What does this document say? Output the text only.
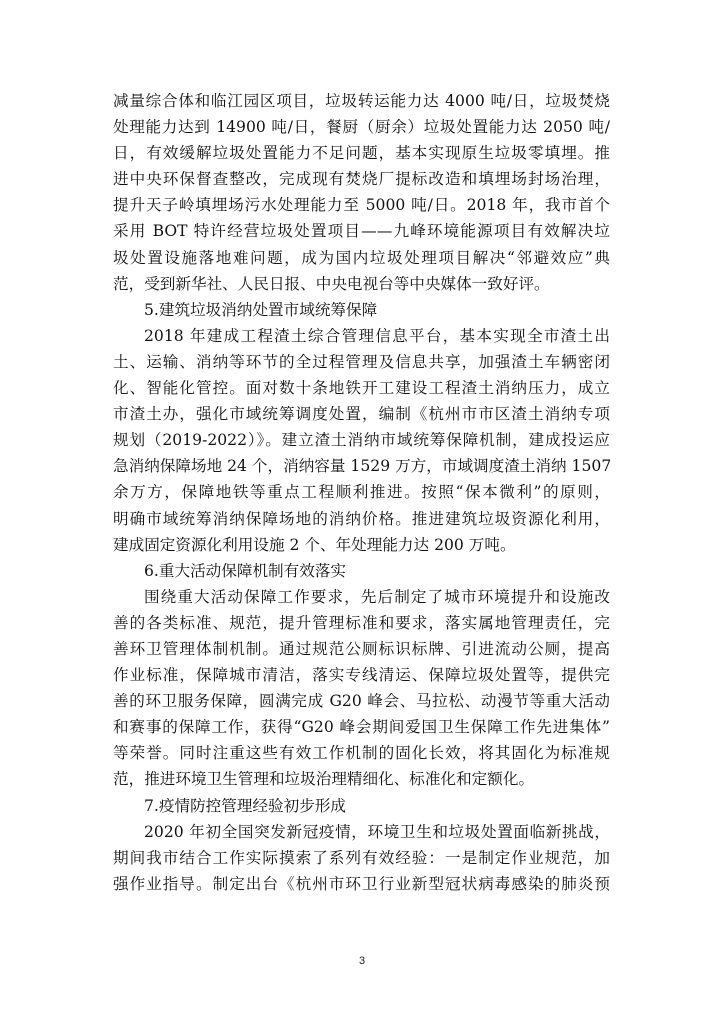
减量综合体和临江园区项目，垃圾转运能力达 4000 吨/日，垃圾焚烧
处理能力达到 14900 吨/日，餐厨（厨余）垃圾处置能力达 2050 吨/
日，有效缓解垃圾处置能力不足问题，基本实现原生垃圾零填埋。推
进中央环保督查整改，完成现有焚烧厂提标改造和填埋场封场治理，
提升天子岭填埋场污水处理能力至 5000 吨/日。2018 年，我市首个
采用 BOT 特许经营垃圾处置项目——九峰环境能源项目有效解决垃
圾处置设施落地难问题，成为国内垃圾处理项目解决“邻避效应”典
范，受到新华社、人民日报、中央电视台等中央媒体一致好评。
5.建筑垃圾消纳处置市域统筹保障
2018 年建成工程渣土综合管理信息平台，基本实现全市渣土出
土、运输、消纳等环节的全过程管理及信息共享，加强渣土车辆密闭
化、智能化管控。面对数十条地铁开工建设工程渣土消纳压力，成立
市渣土办，强化市域统筹调度处置，编制《杭州市市区渣土消纳专项
规划（2019-2022）》。建立渣土消纳市域统筹保障机制，建成投运应
急消纳保障场地 24 个，消纳容量 1529 万方，市域调度渣土消纳 1507
余万方，保障地铁等重点工程顺利推进。按照“保本微利”的原则，
明确市域统筹消纳保障场地的消纳价格。推进建筑垃圾资源化利用，
建成固定资源化利用设施 2 个、年处理能力达 200 万吨。
6.重大活动保障机制有效落实
围绕重大活动保障工作要求，先后制定了城市环境提升和设施改
善的各类标准、规范，提升管理标准和要求，落实属地管理责任，完
善环卫管理体制机制。通过规范公厕标识标牌、引进流动公厕，提高
作业标准，保障城市清洁，落实专线清运、保障垃圾处置等，提供完
善的环卫服务保障，圆满完成 G20 峰会、马拉松、动漫节等重大活动
和赛事的保障工作，获得“G20 峰会期间爱国卫生保障工作先进集体”
等荣誉。同时注重这些有效工作机制的固化长效，将其固化为标准规
范，推进环境卫生管理和垃圾治理精细化、标准化和定额化。
7.疫情防控管理经验初步形成
2020 年初全国突发新冠疫情，环境卫生和垃圾处置面临新挑战，
期间我市结合工作实际摸索了系列有效经验：一是制定作业规范，加
强作业指导。制定出台《杭州市环卫行业新型冠状病毒感染的肺炎预
3
